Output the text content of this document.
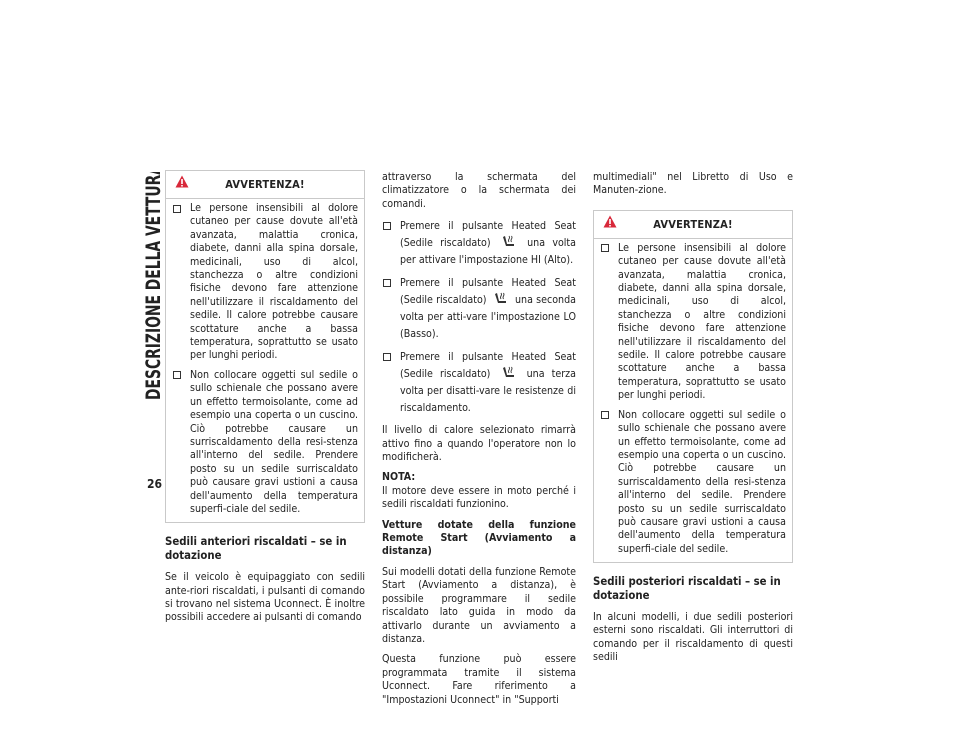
DESCRIZIONE DELLA VETTURA
26
AVVERTENZA!
Le persone insensibili al dolore cutaneo per cause dovute all'età avanzata, malattia cronica, diabete, danni alla spina dorsale, medicinali, uso di alcol, stanchezza o altre condizioni fisiche devono fare attenzione nell'utilizzare il riscaldamento del sedile. Il calore potrebbe causare scottature anche a bassa temperatura, soprattutto se usato per lunghi periodi.
Non collocare oggetti sul sedile o sullo schienale che possano avere un effetto termoisolante, come ad esempio una coperta o un cuscino. Ciò potrebbe causare un surriscaldamento della resi-stenza all'interno del sedile. Prendere posto su un sedile surriscaldato può causare gravi ustioni a causa dell'aumento della temperatura superfi-ciale del sedile.
Sedili anteriori riscaldati – se in dotazione

Se il veicolo è equipaggiato con sedili ante-riori riscaldati, i pulsanti di comando si trovano nel sistema Uconnect. È inoltre possibili accedere ai pulsanti di comando

attraverso la schermata del climatizzatore o la schermata dei comandi.

Premere il pulsante Heated Seat (Sedile riscaldato)	una volta per attivare l'impostazione HI (Alto).
Premere il pulsante Heated Seat (Sedile riscaldato)	una seconda volta per atti-vare l'impostazione LO (Basso).
Premere il pulsante Heated Seat (Sedile riscaldato)	una terza volta per disatti-vare le resistenze di riscaldamento.

Il livello di calore selezionato rimarrà attivo fino a quando l'operatore non lo modificherà.

NOTA:

Il motore deve essere in moto perché i sedili riscaldati funzionino.

Vetture dotate della funzione Remote Start (Avviamento a distanza)

Sui modelli dotati della funzione Remote Start (Avviamento a distanza), è possibile programmare il sedile riscaldato lato guida in modo da attivarlo durante un avviamento a distanza.

Questa funzione può essere programmata tramite il sistema Uconnect. Fare riferimento a "Impostazioni Uconnect" in "Supporti

multimediali" nel Libretto di Uso e Manuten-zione.

AVVERTENZA!
Le persone insensibili al dolore cutaneo per cause dovute all'età avanzata, malattia cronica, diabete, danni alla spina dorsale, medicinali, uso di alcol, stanchezza o altre condizioni fisiche devono fare attenzione nell'utilizzare il riscaldamento del sedile. Il calore potrebbe causare scottature anche a bassa temperatura, soprattutto se usato per lunghi periodi.
Non collocare oggetti sul sedile o sullo schienale che possano avere un effetto termoisolante, come ad esempio una coperta o un cuscino. Ciò potrebbe causare un surriscaldamento della resi-stenza all'interno del sedile. Prendere posto su un sedile surriscaldato può causare gravi ustioni a causa dell'aumento della temperatura superfi-ciale del sedile.
Sedili posteriori riscaldati – se in dotazione

In alcuni modelli, i due sedili posteriori esterni sono riscaldati. Gli interruttori di comando per il riscaldamento di questi sedili
